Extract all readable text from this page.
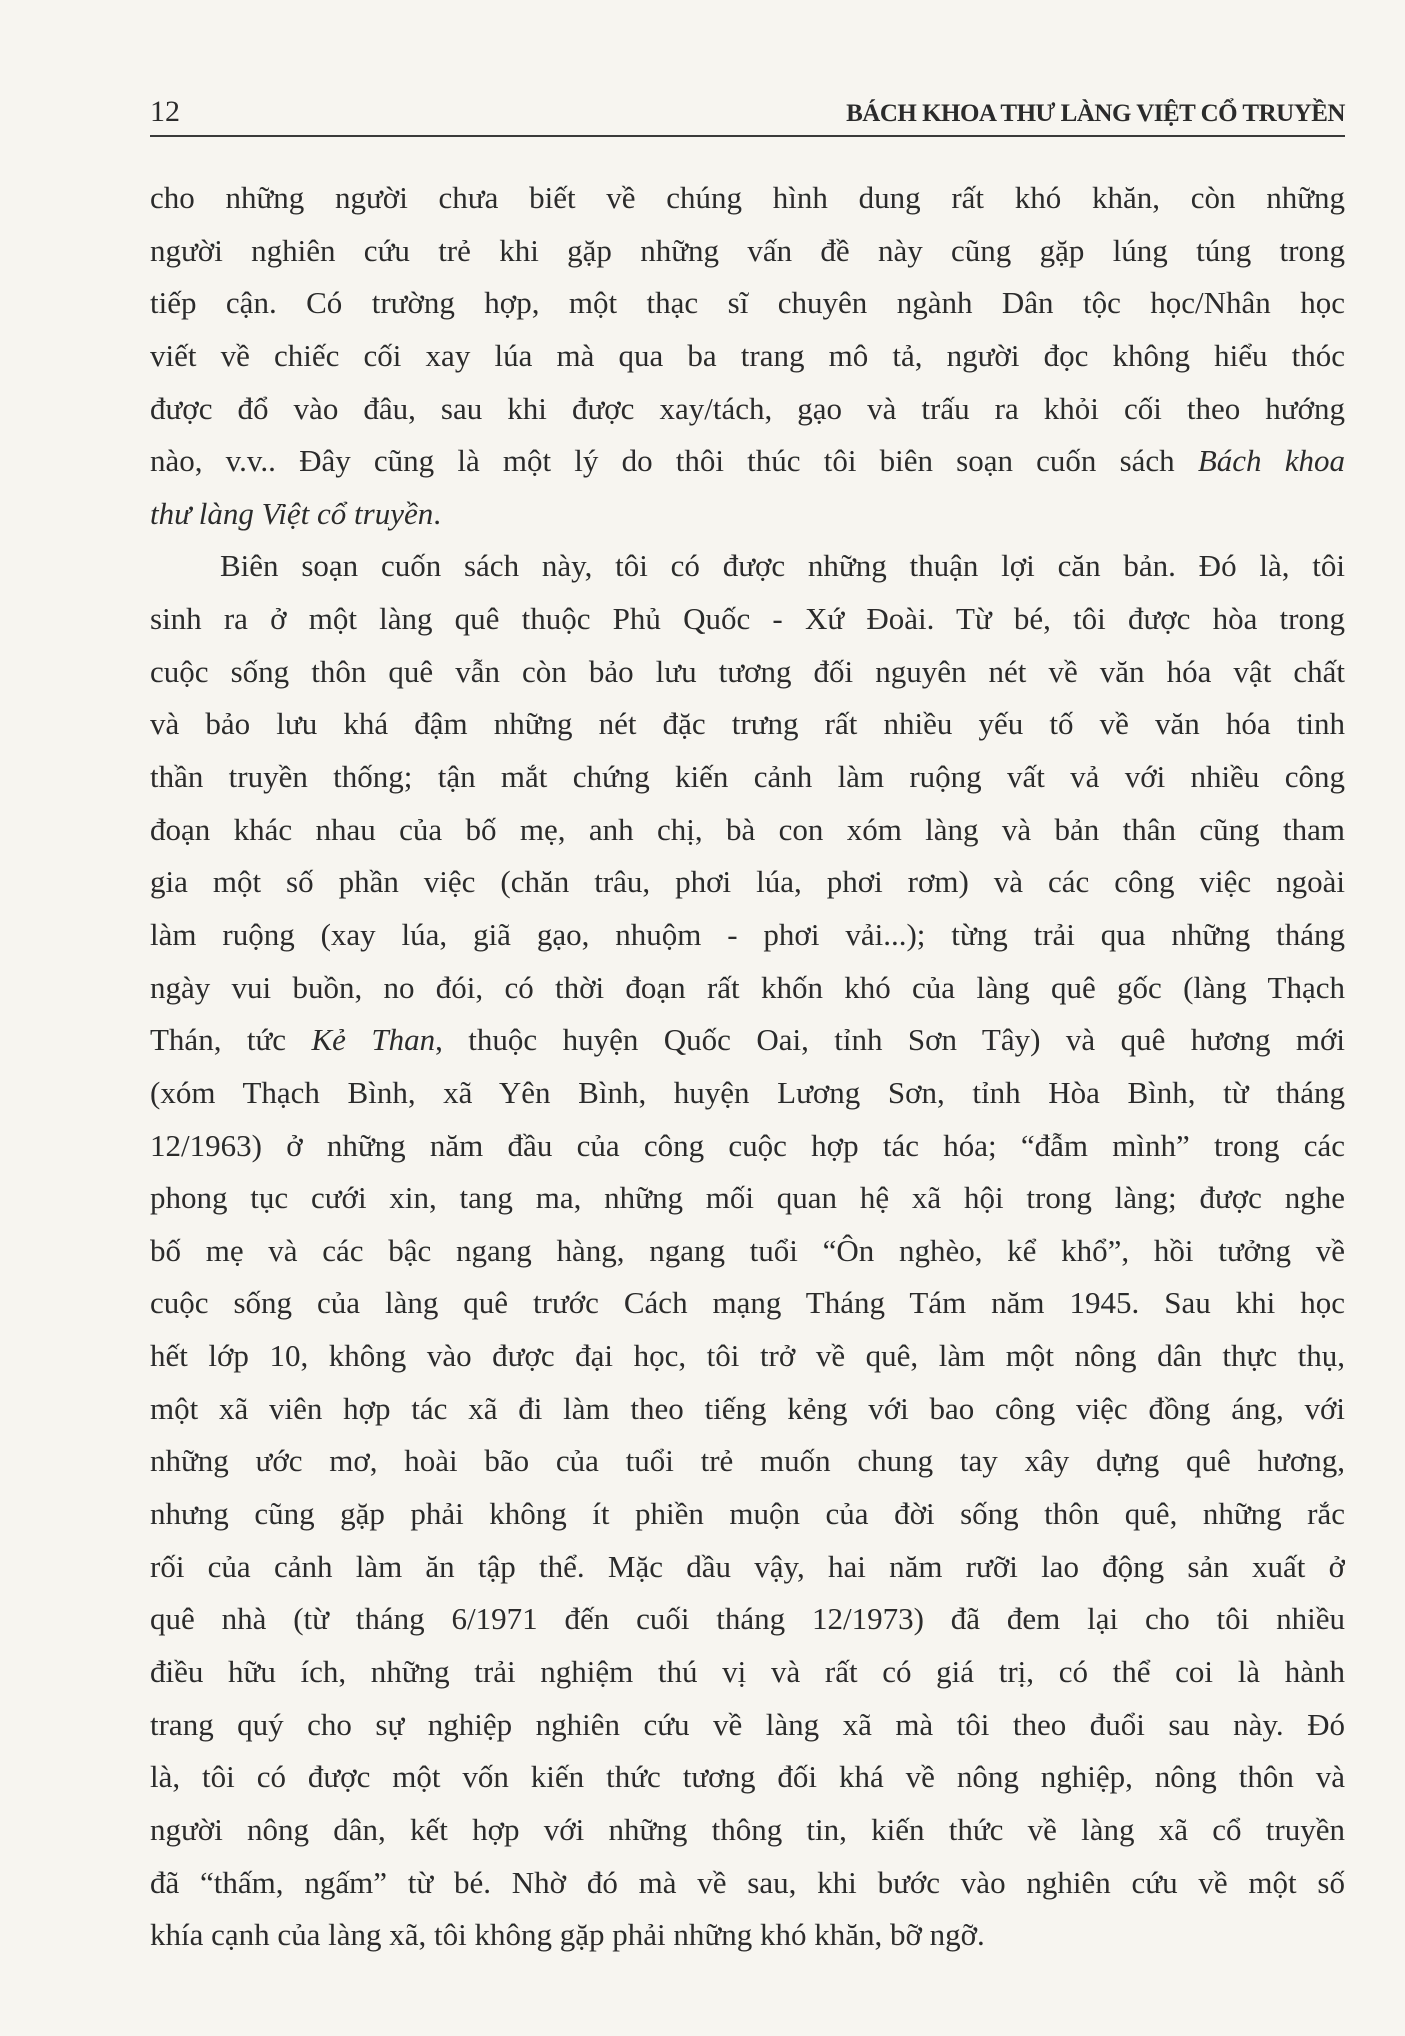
12	BÁCH KHOA THƯ LÀNG VIỆT CỔ TRUYỀN
cho những người chưa biết về chúng hình dung rất khó khăn, còn những
người nghiên cứu trẻ khi gặp những vấn đề này cũng gặp lúng túng trong
tiếp cận. Có trường hợp, một thạc sĩ chuyên ngành Dân tộc học/Nhân học
viết về chiếc cối xay lúa mà qua ba trang mô tả, người đọc không hiểu thóc
được đổ vào đâu, sau khi được xay/tách, gạo và trấu ra khỏi cối theo hướng
nào, v.v.. Đây cũng là một lý do thôi thúc tôi biên soạn cuốn sách Bách khoa
thư làng Việt cổ truyền.
Biên soạn cuốn sách này, tôi có được những thuận lợi căn bản. Đó là, tôi
sinh ra ở một làng quê thuộc Phủ Quốc - Xứ Đoài. Từ bé, tôi được hòa trong
cuộc sống thôn quê vẫn còn bảo lưu tương đối nguyên nét về văn hóa vật chất
và bảo lưu khá đậm những nét đặc trưng rất nhiều yếu tố về văn hóa tinh
thần truyền thống; tận mắt chứng kiến cảnh làm ruộng vất vả với nhiều công
đoạn khác nhau của bố mẹ, anh chị, bà con xóm làng và bản thân cũng tham
gia một số phần việc (chăn trâu, phơi lúa, phơi rơm) và các công việc ngoài
làm ruộng (xay lúa, giã gạo, nhuộm - phơi vải...); từng trải qua những tháng
ngày vui buồn, no đói, có thời đoạn rất khốn khó của làng quê gốc (làng Thạch
Thán, tức Kẻ Than, thuộc huyện Quốc Oai, tỉnh Sơn Tây) và quê hương mới
(xóm Thạch Bình, xã Yên Bình, huyện Lương Sơn, tỉnh Hòa Bình, từ tháng
12/1963) ở những năm đầu của công cuộc hợp tác hóa; “đẫm mình” trong các
phong tục cưới xin, tang ma, những mối quan hệ xã hội trong làng; được nghe
bố mẹ và các bậc ngang hàng, ngang tuổi “Ôn nghèo, kể khổ”, hồi tưởng về
cuộc sống của làng quê trước Cách mạng Tháng Tám năm 1945. Sau khi học
hết lớp 10, không vào được đại học, tôi trở về quê, làm một nông dân thực thụ,
một xã viên hợp tác xã đi làm theo tiếng kẻng với bao công việc đồng áng, với
những ước mơ, hoài bão của tuổi trẻ muốn chung tay xây dựng quê hương,
nhưng cũng gặp phải không ít phiền muộn của đời sống thôn quê, những rắc
rối của cảnh làm ăn tập thể. Mặc dầu vậy, hai năm rưỡi lao động sản xuất ở
quê nhà (từ tháng 6/1971 đến cuối tháng 12/1973) đã đem lại cho tôi nhiều
điều hữu ích, những trải nghiệm thú vị và rất có giá trị, có thể coi là hành
trang quý cho sự nghiệp nghiên cứu về làng xã mà tôi theo đuổi sau này. Đó
là, tôi có được một vốn kiến thức tương đối khá về nông nghiệp, nông thôn và
người nông dân, kết hợp với những thông tin, kiến thức về làng xã cổ truyền
đã “thấm, ngấm” từ bé. Nhờ đó mà về sau, khi bước vào nghiên cứu về một số
khía cạnh của làng xã, tôi không gặp phải những khó khăn, bỡ ngỡ.
